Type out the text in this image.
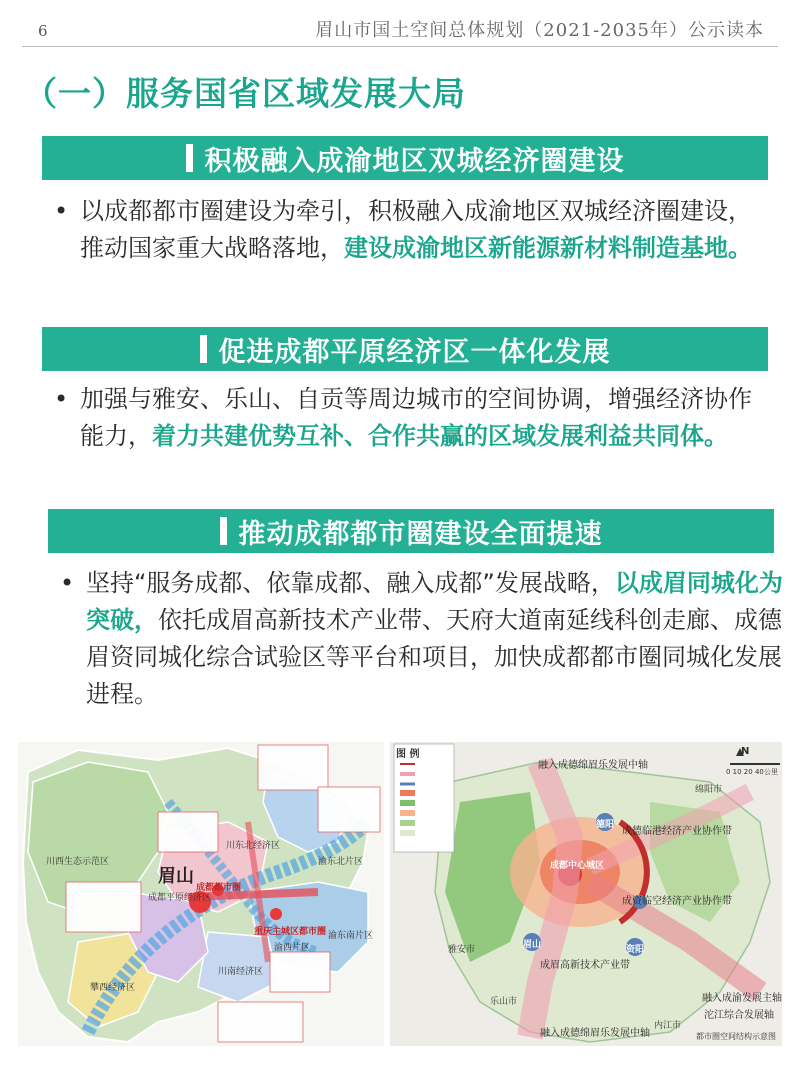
6	眉山市国土空间总体规划（2021-2035年）公示读本
（一）服务国省区域发展大局
积极融入成渝地区双城经济圈建设
• 以成都都市圈建设为牵引，积极融入成渝地区双城经济圈建设，推动国家重大战略落地，建设成渝地区新能源新材料制造基地。
促进成都平原经济区一体化发展
• 加强与雅安、乐山、自贡等周边城市的空间协调，增强经济协作能力，着力共建优势互补、合作共赢的区域发展利益共同体。
推动成都都市圈建设全面提速
• 坚持“服务成都、依靠成都、融入成都”发展战略，以成眉同城化为突破，依托成眉高新技术产业带、天府大道南延线科创走廊、成德眉资同城化综合试验区等平台和项目，加快成都都市圈同城化发展进程。
眉山
成都都市圈
重庆主城区都市圈
成都平原经济区
川西生态示范区
川东北经济区
川南经济区
攀西经济区
渝东北片区
渝东南片区
渝西片区
图 例	N
0 10 20 40公里
融入成德绵眉乐发展中轴
成德临港经济产业协作带
成资临空经济产业协作带
成眉高新技术产业带
融入成渝发展主轴
沱江综合发展轴
融入成德绵眉乐发展中轴
成都中心城区
眉山	资阳
德阳
绵阳市
乐山市
内江市
雅安市
都市圈空间结构示意图
